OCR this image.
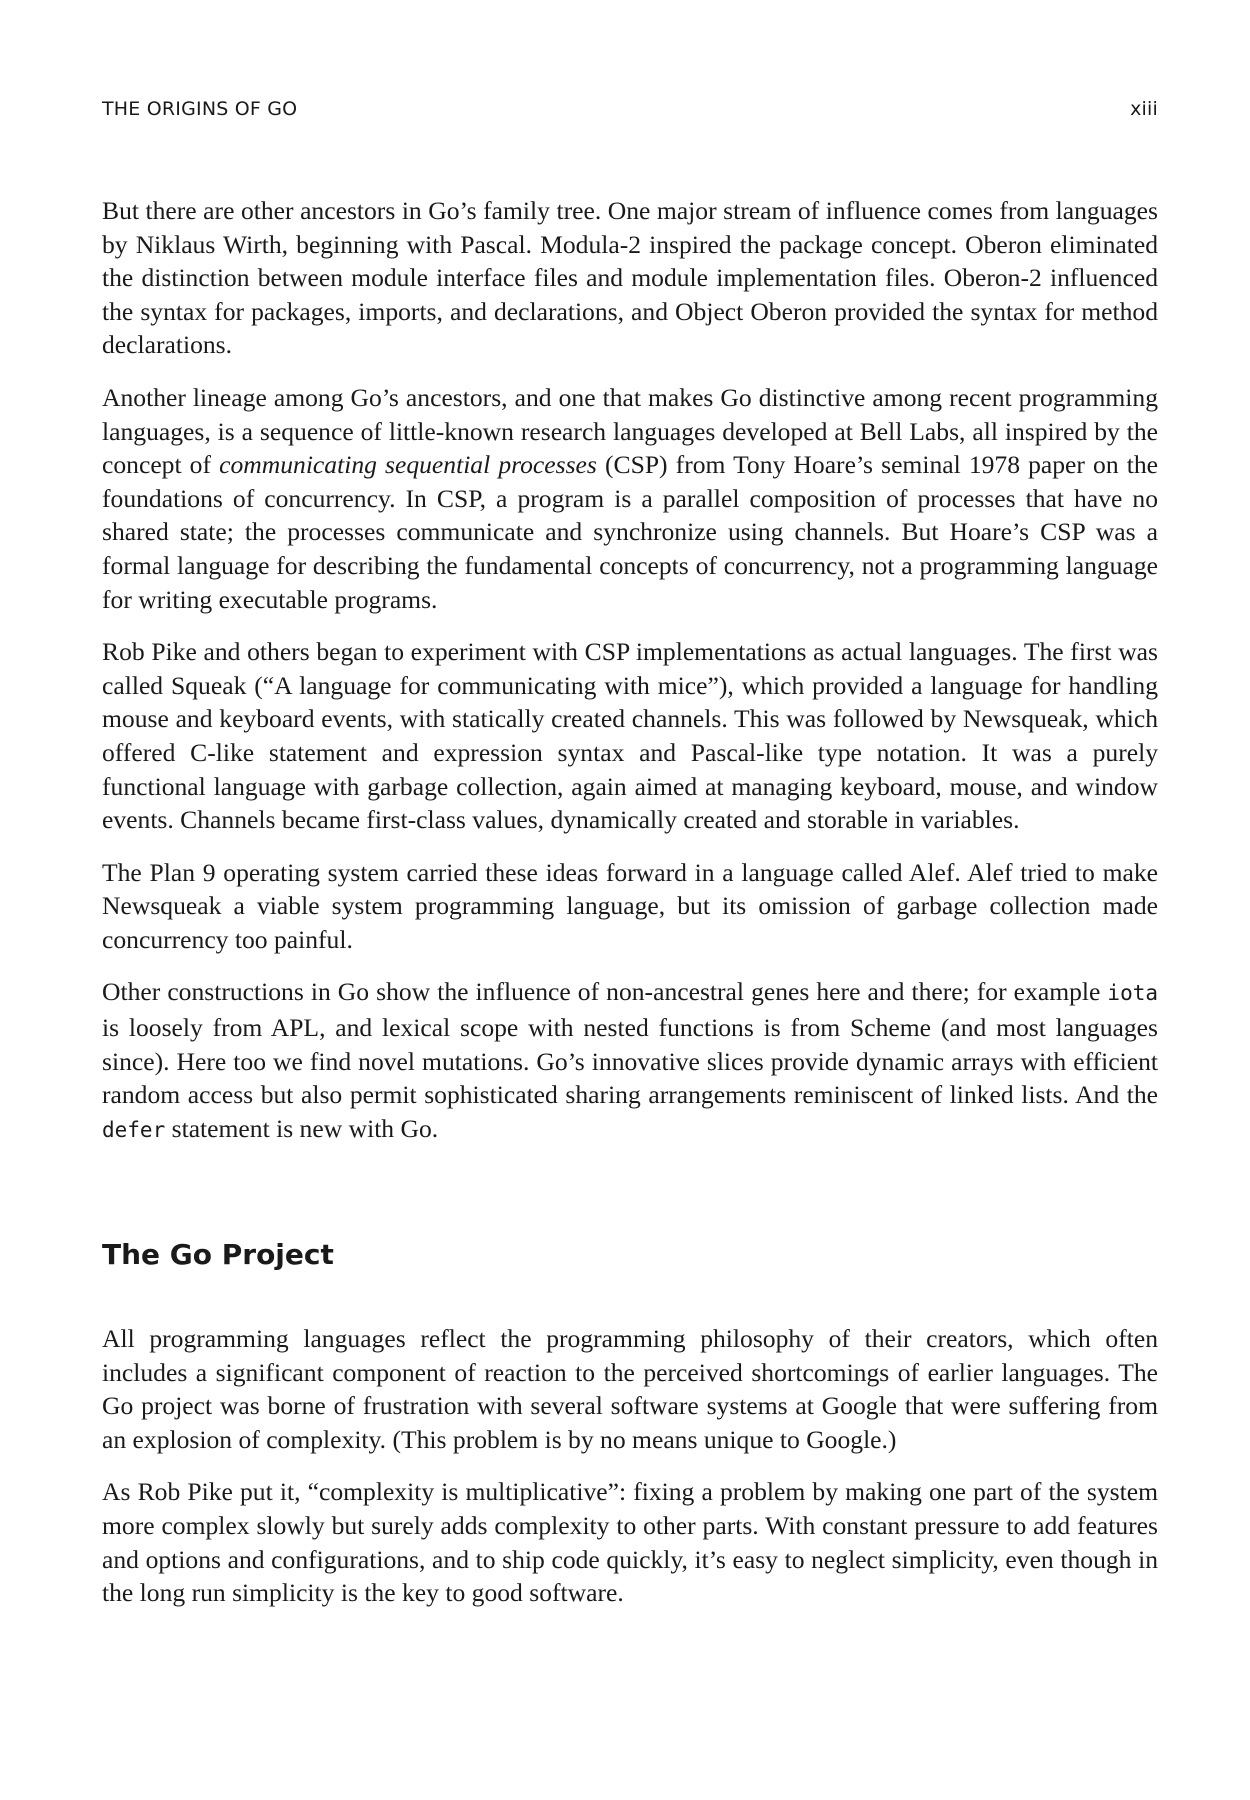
THE ORIGINS OF GO	xiii

But there are other ancestors in Go’s family tree. One major stream of influence comes from languages by Niklaus Wirth, beginning with Pascal. Modula-2 inspired the package concept. Oberon eliminated the distinction between module interface files and module implementation files. Oberon-2 influenced the syntax for packages, imports, and declarations, and Object Oberon provided the syntax for method declarations.

Another lineage among Go’s ancestors, and one that makes Go distinctive among recent programming languages, is a sequence of little-known research languages developed at Bell Labs, all inspired by the concept of communicating sequential processes (CSP) from Tony Hoare’s seminal 1978 paper on the foundations of concurrency. In CSP, a program is a parallel composition of processes that have no shared state; the processes communicate and synchronize using channels. But Hoare’s CSP was a formal language for describing the fundamental concepts of concurrency, not a programming language for writing executable programs.

Rob Pike and others began to experiment with CSP implementations as actual languages. The first was called Squeak (“A language for communicating with mice”), which provided a language for handling mouse and keyboard events, with statically created channels. This was followed by Newsqueak, which offered C-like statement and expression syntax and Pascal-like type notation. It was a purely functional language with garbage collection, again aimed at managing keyboard, mouse, and window events. Channels became first-class values, dynamically created and storable in variables.

The Plan 9 operating system carried these ideas forward in a language called Alef. Alef tried to make Newsqueak a viable system programming language, but its omission of garbage collection made concurrency too painful.

Other constructions in Go show the influence of non-ancestral genes here and there; for example iota is loosely from APL, and lexical scope with nested functions is from Scheme (and most languages since). Here too we find novel mutations. Go’s innovative slices provide dynamic arrays with efficient random access but also permit sophisticated sharing arrangements reminiscent of linked lists. And the defer statement is new with Go.

The Go Project

All programming languages reflect the programming philosophy of their creators, which often includes a significant component of reaction to the perceived shortcomings of earlier languages. The Go project was borne of frustration with several software systems at Google that were suffering from an explosion of complexity. (This problem is by no means unique to Google.)

As Rob Pike put it, “complexity is multiplicative”: fixing a problem by making one part of the system more complex slowly but surely adds complexity to other parts. With constant pressure to add features and options and configurations, and to ship code quickly, it’s easy to neglect simplicity, even though in the long run simplicity is the key to good software.
